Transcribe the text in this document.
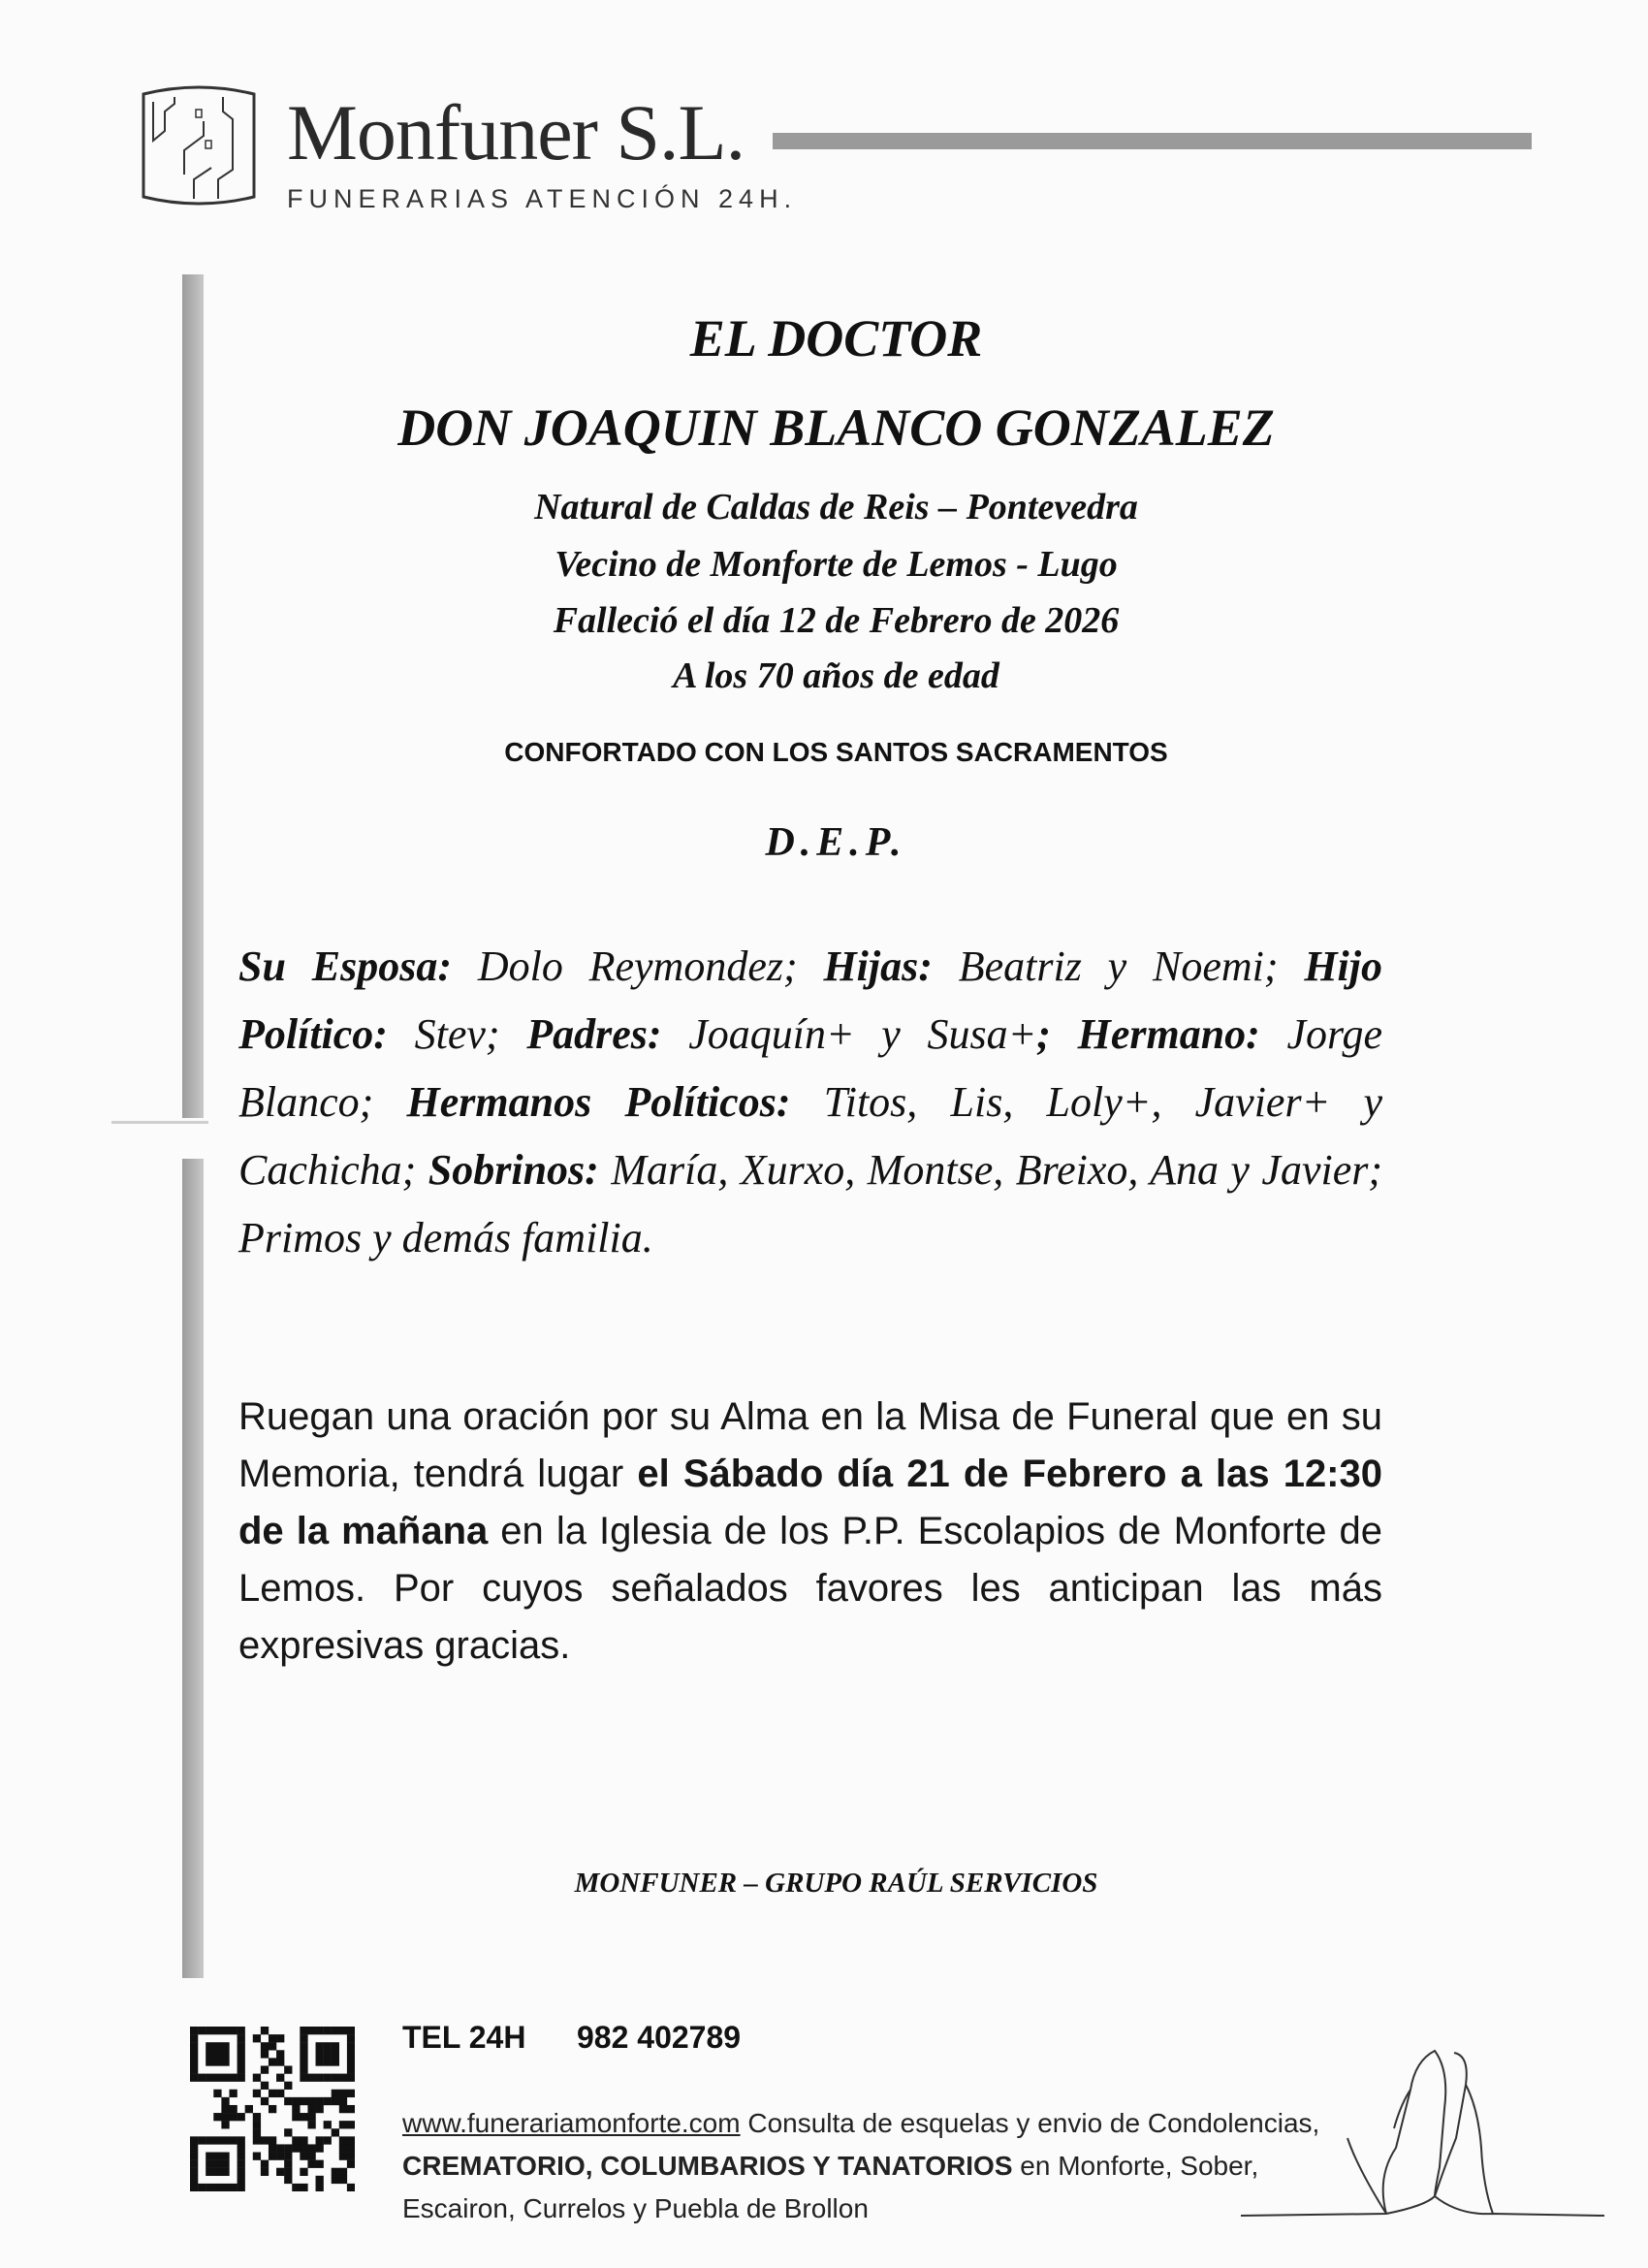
Monfuner S.L.
FUNERARIAS ATENCIÓN 24H.
EL DOCTOR
DON JOAQUIN BLANCO GONZALEZ
Natural de Caldas de Reis – Pontevedra
Vecino de Monforte de Lemos - Lugo
Falleció el día 12 de Febrero de 2026
A los 70 años de edad
CONFORTADO CON LOS SANTOS SACRAMENTOS
D.E.P.
Su Esposa: Dolo Reymondez; Hijas: Beatriz y Noemi; Hijo Político: Stev; Padres: Joaquín+ y Susa+; Hermano: Jorge Blanco; Hermanos Políticos: Titos, Lis, Loly+, Javier+ y Cachicha; Sobrinos: María, Xurxo, Montse, Breixo, Ana y Javier; Primos y demás familia.
Ruegan una oración por su Alma en la Misa de Funeral que en su Memoria, tendrá lugar el Sábado día 21 de Febrero a las 12:30 de la mañana en la Iglesia de los P.P. Escolapios de Monforte de Lemos. Por cuyos señalados favores les anticipan las más expresivas gracias.
MONFUNER – GRUPO RAÚL SERVICIOS
TEL 24H 982 402789
www.funerariamonforte.com Consulta de esquelas y envio de Condolencias, CREMATORIO, COLUMBARIOS Y TANATORIOS en Monforte, Sober, Escairon, Currelos y Puebla de Brollon
